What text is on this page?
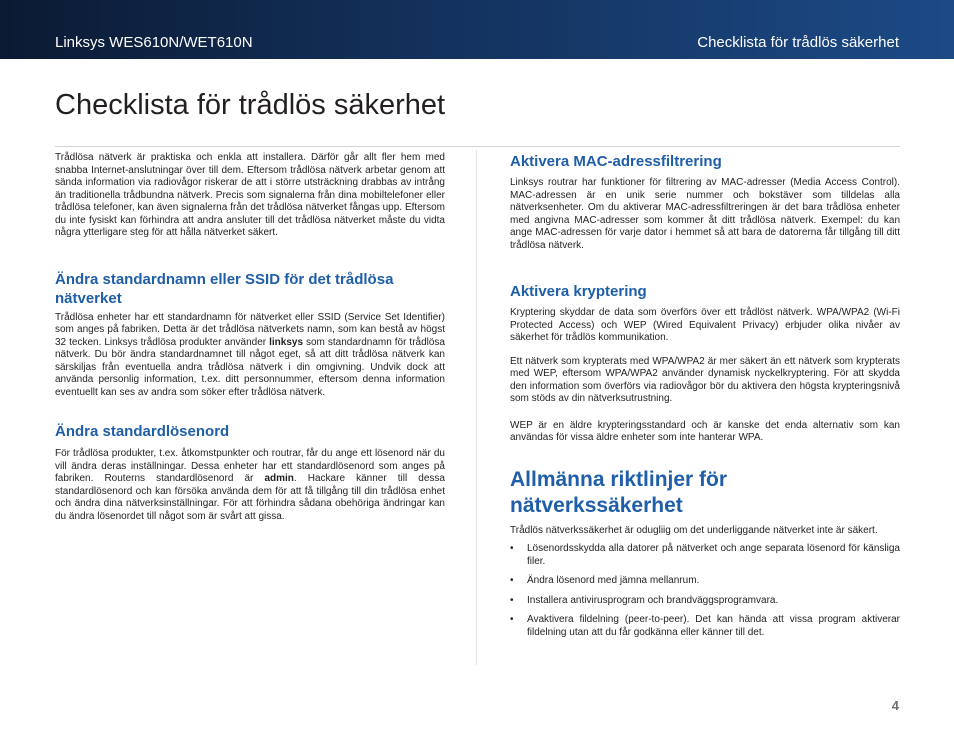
Linksys WES610N/WET610N	Checklista för trådlös säkerhet
Checklista för trådlös säkerhet

Trådlösa nätverk är praktiska och enkla att installera. Därför går allt fler hem med snabba Internet-anslutningar över till dem. Eftersom trådlösa nätverk arbetar genom att sända information via radiovågor riskerar de att i större utsträckning drabbas av intrång än traditionella trådbundna nätverk. Precis som signalerna från dina mobiltelefoner eller trådlösa telefoner, kan även signalerna från det trådlösa nätverket fångas upp. Eftersom du inte fysiskt kan förhindra att andra ansluter till det trådlösa nätverket måste du vidta några ytterligare steg för att hålla nätverket säkert.

Ändra standardnamn eller SSID för det trådlösa nätverket

Trådlösa enheter har ett standardnamn för nätverket eller SSID (Service Set Identifier) som anges på fabriken. Detta är det trådlösa nätverkets namn, som kan bestå av högst 32 tecken. Linksys trådlösa produkter använder linksys som standardnamn för trådlösa nätverk. Du bör ändra standardnamnet till något eget, så att ditt trådlösa nätverk kan särskiljas från eventuella andra trådlösa nätverk i din omgivning. Undvik dock att använda personlig information, t.ex. ditt personnummer, eftersom denna information eventuellt kan ses av andra som söker efter trådlösa nätverk.

Ändra standardlösenord

För trådlösa produkter, t.ex. åtkomstpunkter och routrar, får du ange ett lösenord när du vill ändra deras inställningar. Dessa enheter har ett standardlösenord som anges på fabriken. Routerns standardlösenord är admin. Hackare känner till dessa standardlösenord och kan försöka använda dem för att få tillgång till din trådlösa enhet och ändra dina nätverksinställningar. För att förhindra sådana obehöriga ändringar kan du ändra lösenordet till något som är svårt att gissa.

Aktivera MAC-adressfiltrering

Linksys routrar har funktioner för filtrering av MAC-adresser (Media Access Control). MAC-adressen är en unik serie nummer och bokstäver som tilldelas alla nätverksenheter. Om du aktiverar MAC-adressfiltreringen är det bara trådlösa enheter med angivna MAC-adresser som kommer åt ditt trådlösa nätverk. Exempel: du kan ange MAC-adressen för varje dator i hemmet så att bara de datorerna får tillgång till ditt trådlösa nätverk.

Aktivera kryptering

Kryptering skyddar de data som överförs över ett trådlöst nätverk. WPA/WPA2 (Wi-Fi Protected Access) och WEP (Wired Equivalent Privacy) erbjuder olika nivåer av säkerhet för trådlös kommunikation.

Ett nätverk som krypterats med WPA/WPA2 är mer säkert än ett nätverk som krypterats med WEP, eftersom WPA/WPA2 använder dynamisk nyckelkryptering. För att skydda den information som överförs via radiovågor bör du aktivera den högsta krypteringsnivå som stöds av din nätverksutrustning.

WEP är en äldre krypteringsstandard och är kanske det enda alternativ som kan användas för vissa äldre enheter som inte hanterar WPA.

Allmänna riktlinjer för nätverkssäkerhet

Trådlös nätverkssäkerhet är odugliig om det underliggande nätverket inte är säkert.

• Lösenordsskydda alla datorer på nätverket och ange separata lösenord för känsliga filer.
• Ändra lösenord med jämna mellanrum.
• Installera antivirusprogram och brandväggsprogramvara.
• Avaktivera fildelning (peer-to-peer). Det kan hända att vissa program aktiverar fildelning utan att du får godkänna eller känner till det.
4
